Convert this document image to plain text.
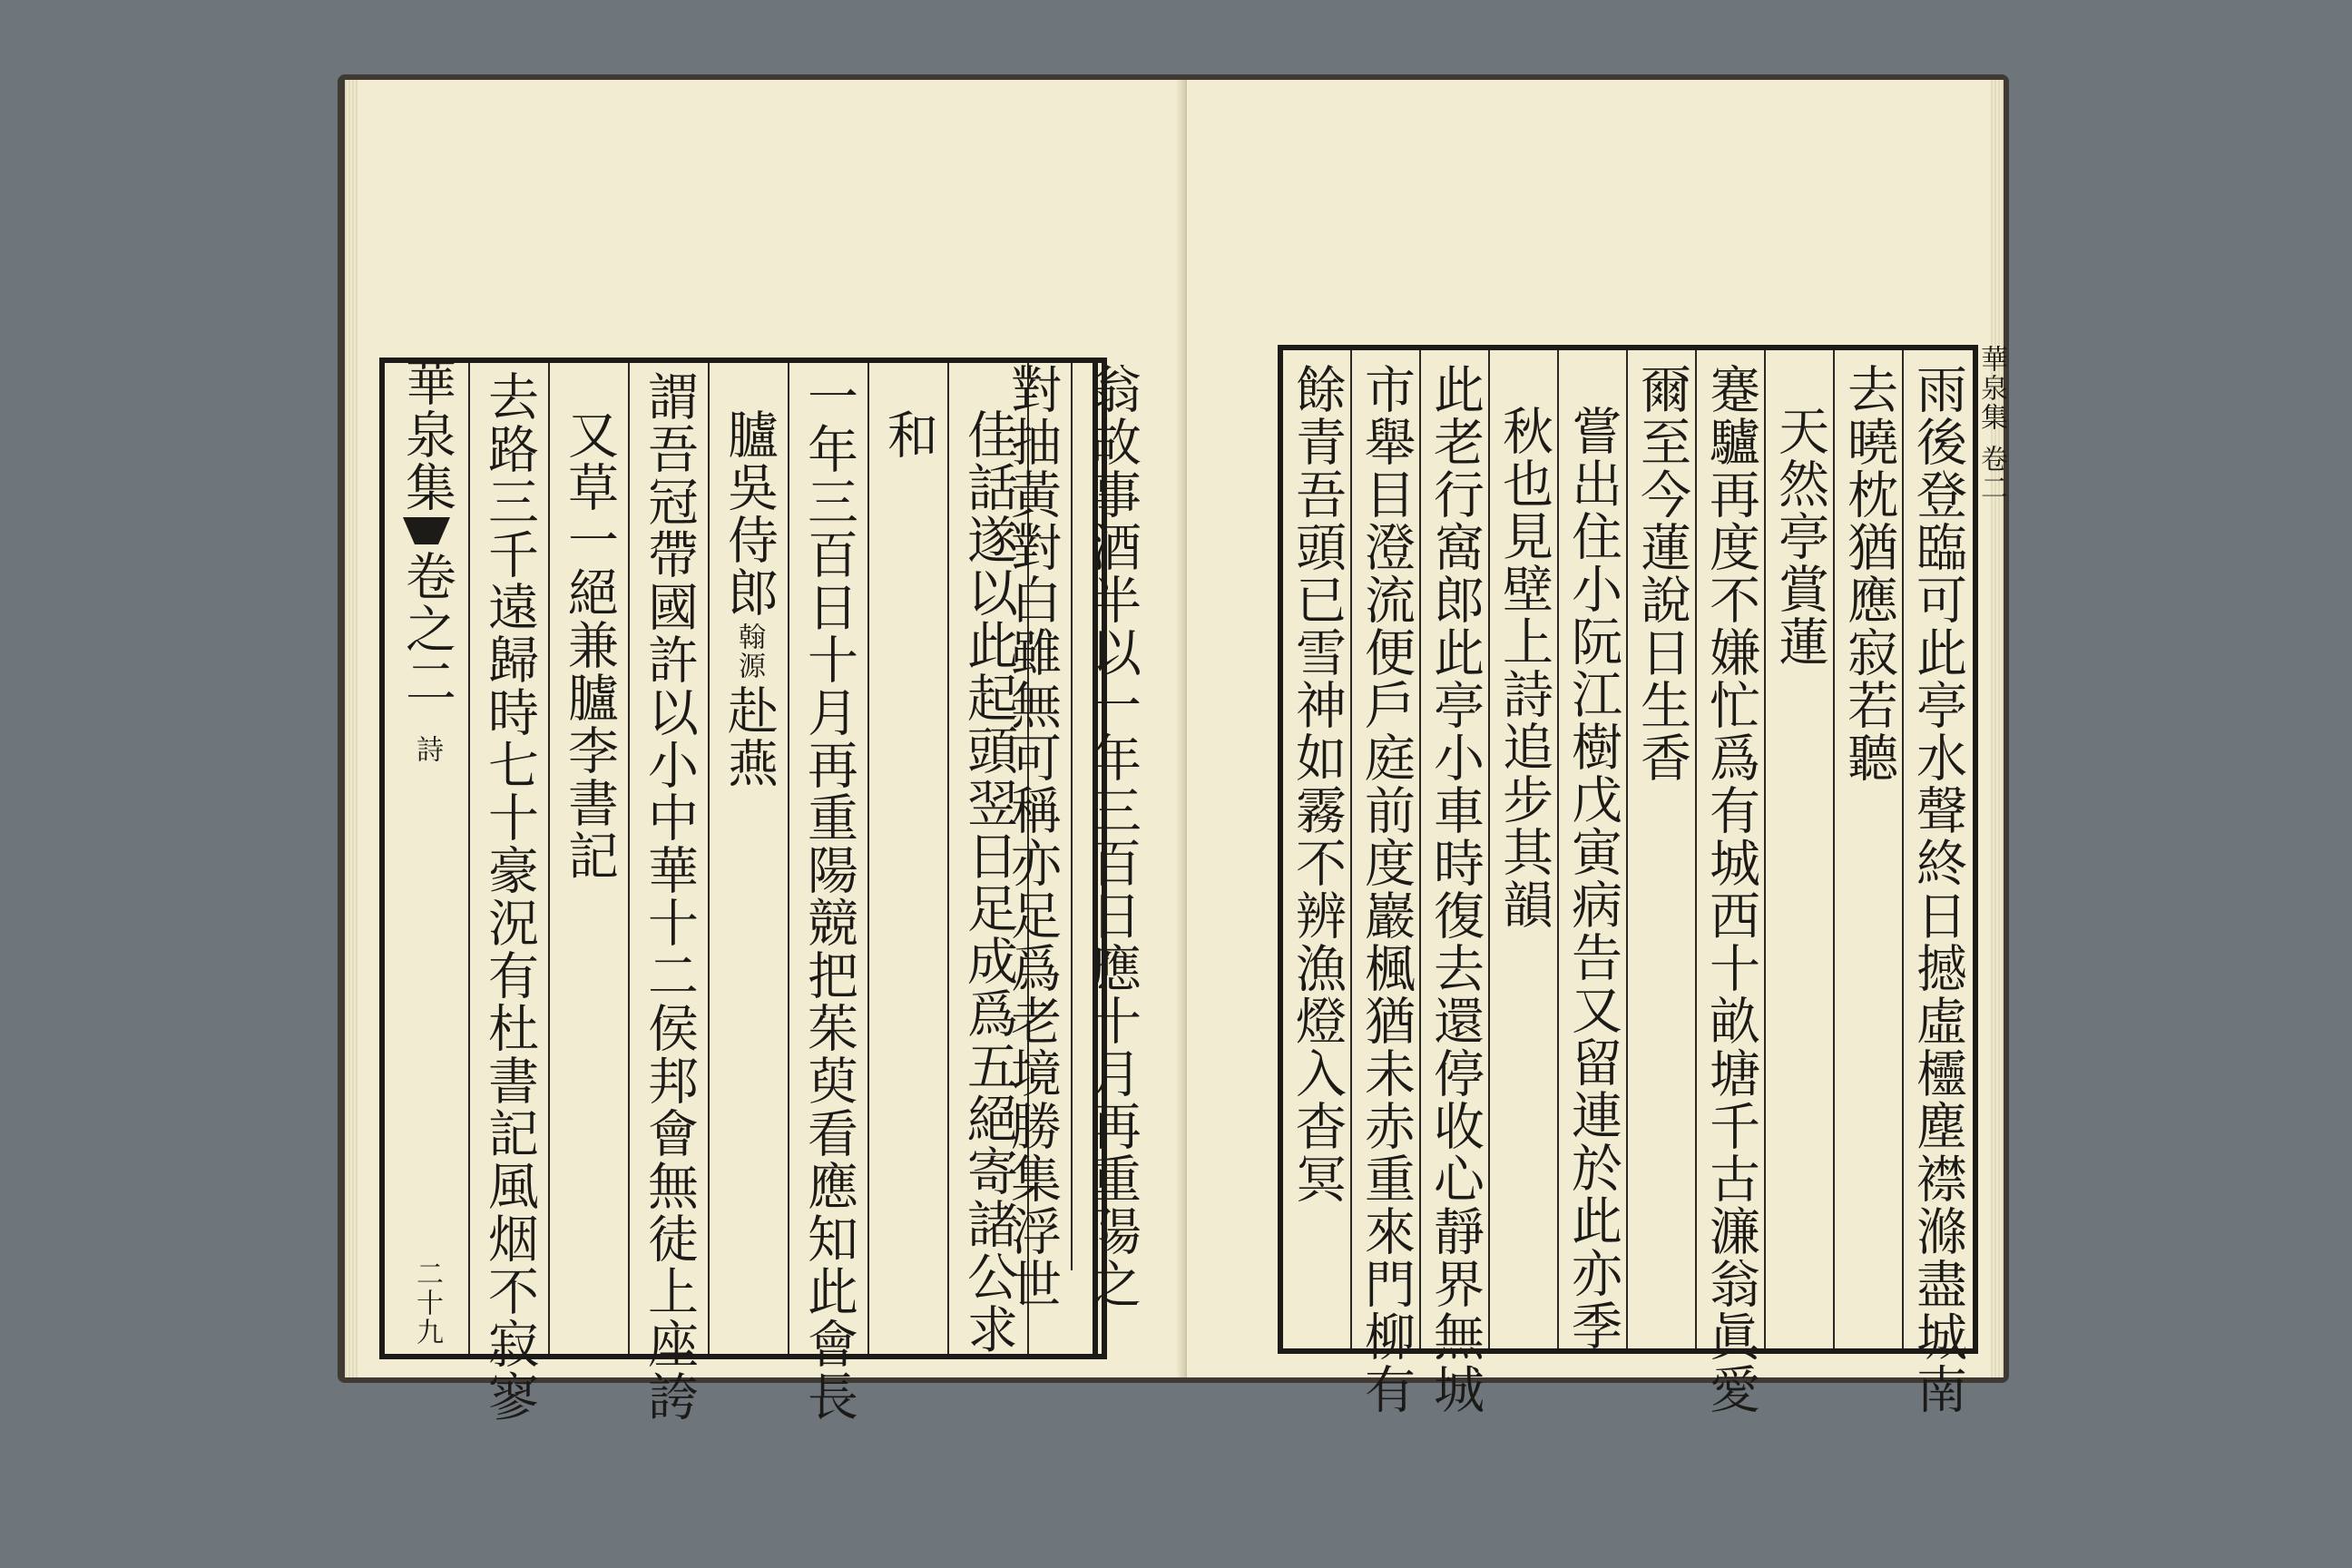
華泉集
卷之二
詩
二十九 去路三千遠歸時七十豪況有杜書記風烟不寂寥 又草一絕兼臚李書記 謂吾冠帶國許以小中華十二侯邦會無徒上座誇 臚吳侍郎
翰源
赴燕 一年三百日十月再重陽競把茱萸看應知此會長 和 佳話遂以此起頭翌日足成爲五絕寄諸公求
對抽黃對白雖無可稱亦足爲老境勝集浮世 翁故事酒半以一年三百日應十月再重陽之	餘青吾頭已雪神如霧不辨漁燈入杳冥 市舉目澄流便戶庭前度巖楓猶未赤重來門柳有 此老行窩郎此亭小車時復去還停收心靜界無城 秋也見壁上詩追步其韻 嘗出住小阮江樹戊寅病告又留連於此亦季 爾至今蓮說日生香 蹇驢再度不嫌忙爲有城西十畝塘千古濂翁眞愛 天然亭賞蓮 去曉枕猶應寂若聽 雨後登臨可此亭水聲終日撼虛欞塵襟滌盡城南 華泉集
卷二
